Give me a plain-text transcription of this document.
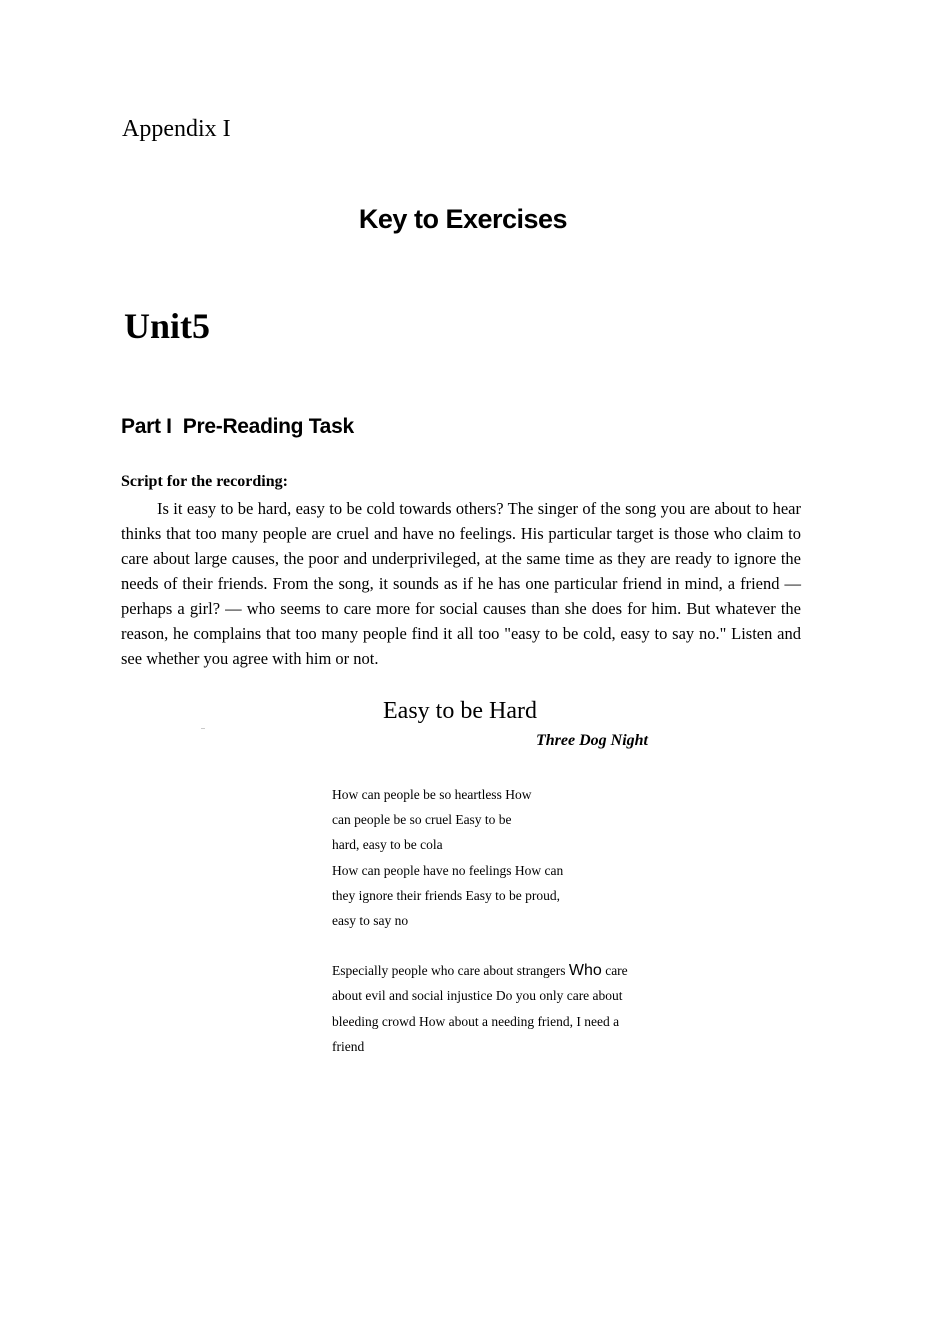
Appendix I
Key to Exercises
Unit5
Part I  Pre-Reading Task
Script for the recording:

Is it easy to be hard, easy to be cold towards others? The singer of the song you are about to hear thinks that too many people are cruel and have no feelings. His particular target is those who claim to care about large causes, the poor and underprivileged, at the same time as they are ready to ignore the needs of their friends. From the song, it sounds as if he has one particular friend in mind, a friend — perhaps a girl? — who seems to care more for social causes than she does for him. But whatever the reason, he complains that too many people find it all too "easy to be cold, easy to say no." Listen and see whether you agree with him or not.

Easy to be Hard
..
Three Dog Night
How can people be so heartless How
can people be so cruel Easy to be
hard, easy to be cola
How can people have no feelings How can
they ignore their friends Easy to be proud,
easy to say no
Especially people who care about strangers Who care
about evil and social injustice Do you only care about
bleeding crowd How about a needing friend, I need a
friend
